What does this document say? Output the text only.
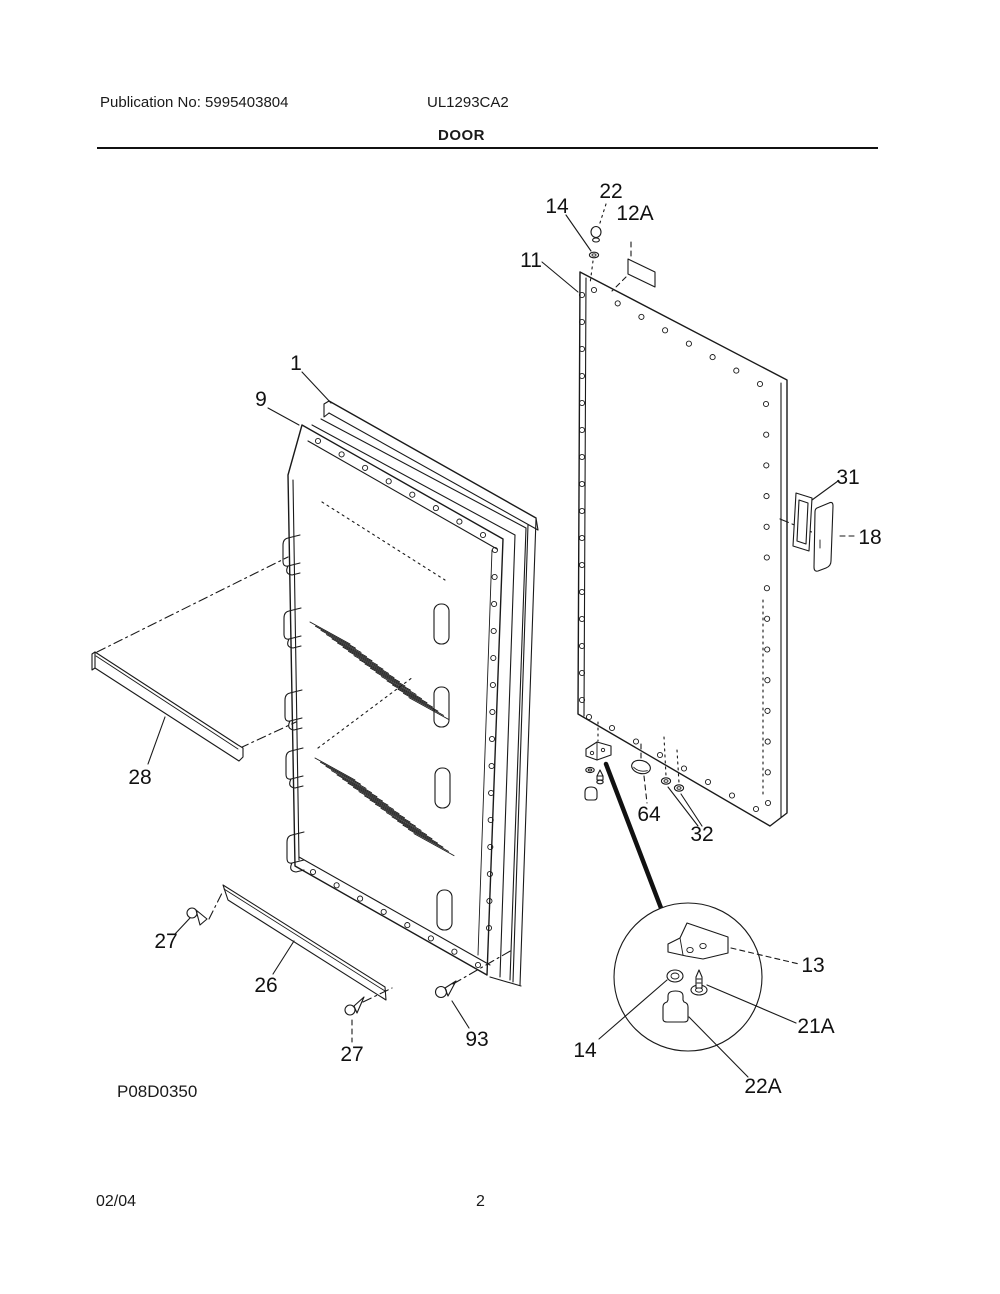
Publication No: 5995403804	UL1293CA2
DOOR
1
9
11
12A
22
14
31
18
28
27
26
27
93
64
32
13
21A
22A
14
P08D0350
02/04	2
